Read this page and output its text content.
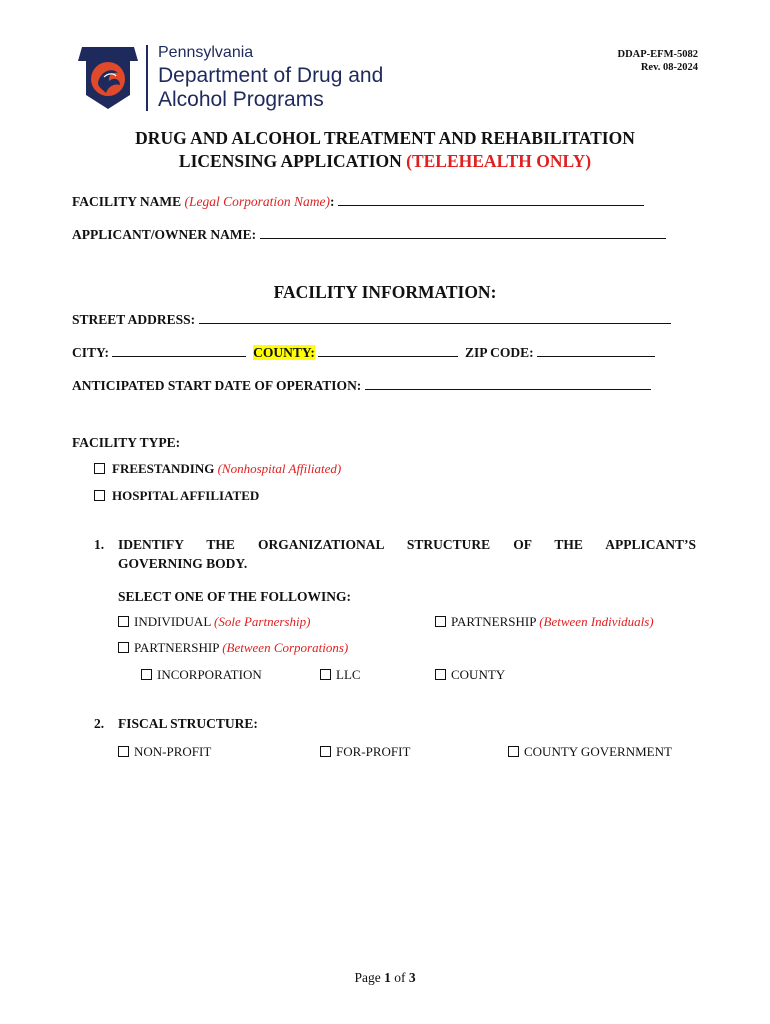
Pennsylvania
Department of Drug and
Alcohol Programs
DDAP-EFM-5082
Rev. 08-2024
DRUG AND ALCOHOL TREATMENT AND REHABILITATION
LICENSING APPLICATION (TELEHEALTH ONLY)
FACILITY NAME (Legal Corporation Name):
APPLICANT/OWNER NAME:
FACILITY INFORMATION:
STREET ADDRESS:
CITY:	COUNTY:	ZIP CODE:
ANTICIPATED START DATE OF OPERATION:
FACILITY TYPE:
FREESTANDING (Nonhospital Affiliated)
HOSPITAL AFFILIATED
1. IDENTIFY THE ORGANIZATIONAL STRUCTURE OF THE APPLICANT’S
GOVERNING BODY.
SELECT ONE OF THE FOLLOWING:
INDIVIDUAL (Sole Partnership)	PARTNERSHIP (Between Individuals)
PARTNERSHIP (Between Corporations)
INCORPORATION	LLC	COUNTY
2. FISCAL STRUCTURE:
NON-PROFIT	FOR-PROFIT	COUNTY GOVERNMENT
Page 1 of 3
